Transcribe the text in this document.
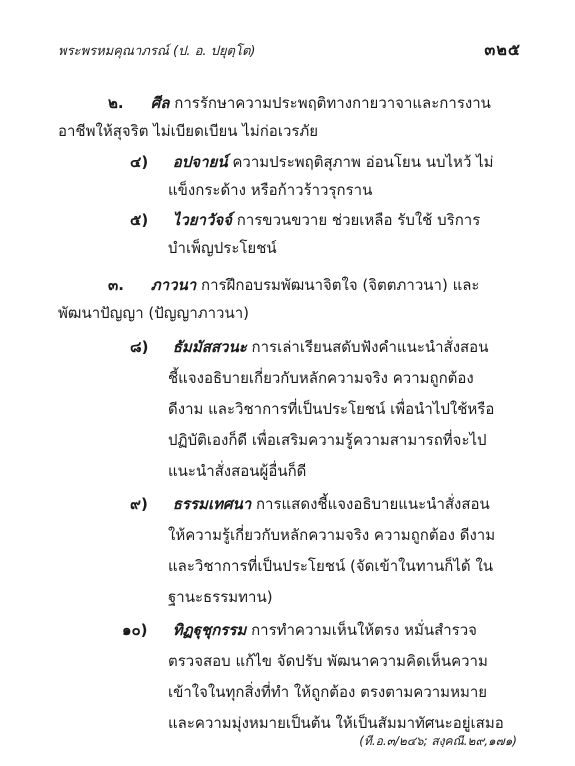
พระพรหมคุณาภรณ์ (ป. อ. ปยุตฺโต)	๓๒๕
๒. ศีล การรักษาความประพฤติทางกายวาจาและการงาน
อาชีพให้สุจริต ไม่เบียดเบียน ไม่ก่อเวรภัย
๔) อปจายน์ ความประพฤติสุภาพ อ่อนโยน นบไหว้ ไม่
แข็งกระด้าง หรือก้าวร้าวรุกราน
๕) ไวยาวัจจ์ การขวนขวาย ช่วยเหลือ รับใช้ บริการ
บำเพ็ญประโยชน์
๓. ภาวนา การฝึกอบรมพัฒนาจิตใจ (จิตตภาวนา) และ
พัฒนาปัญญา (ปัญญาภาวนา)
๘) ธัมมัสสวนะ การเล่าเรียนสดับฟังคำแนะนำสั่งสอน
ชี้แจงอธิบายเกี่ยวกับหลักความจริง ความถูกต้อง
ดีงาม และวิชาการที่เป็นประโยชน์ เพื่อนำไปใช้หรือ
ปฏิบัติเองก็ดี เพื่อเสริมความรู้ความสามารถที่จะไป
แนะนำสั่งสอนผู้อื่นก็ดี
๙) ธรรมเทศนา การแสดงชี้แจงอธิบายแนะนำสั่งสอน
ให้ความรู้เกี่ยวกับหลักความจริง ความถูกต้อง ดีงาม
และวิชาการที่เป็นประโยชน์ (จัดเข้าในทานก็ได้ ใน
ฐานะธรรมทาน)
๑๐) ทิฏฐุชุกรรม การทำความเห็นให้ตรง หมั่นสำรวจ
ตรวจสอบ แก้ไข จัดปรับ พัฒนาความคิดเห็นความ
เข้าใจในทุกสิ่งที่ทำ ให้ถูกต้อง ตรงตามความหมาย
และความมุ่งหมายเป็นต้น ให้เป็นสัมมาทัศนะอยู่เสมอ
(ที.อ.๓/๒๔๖; สงฺคณี.๒๙,๑๗๑)
